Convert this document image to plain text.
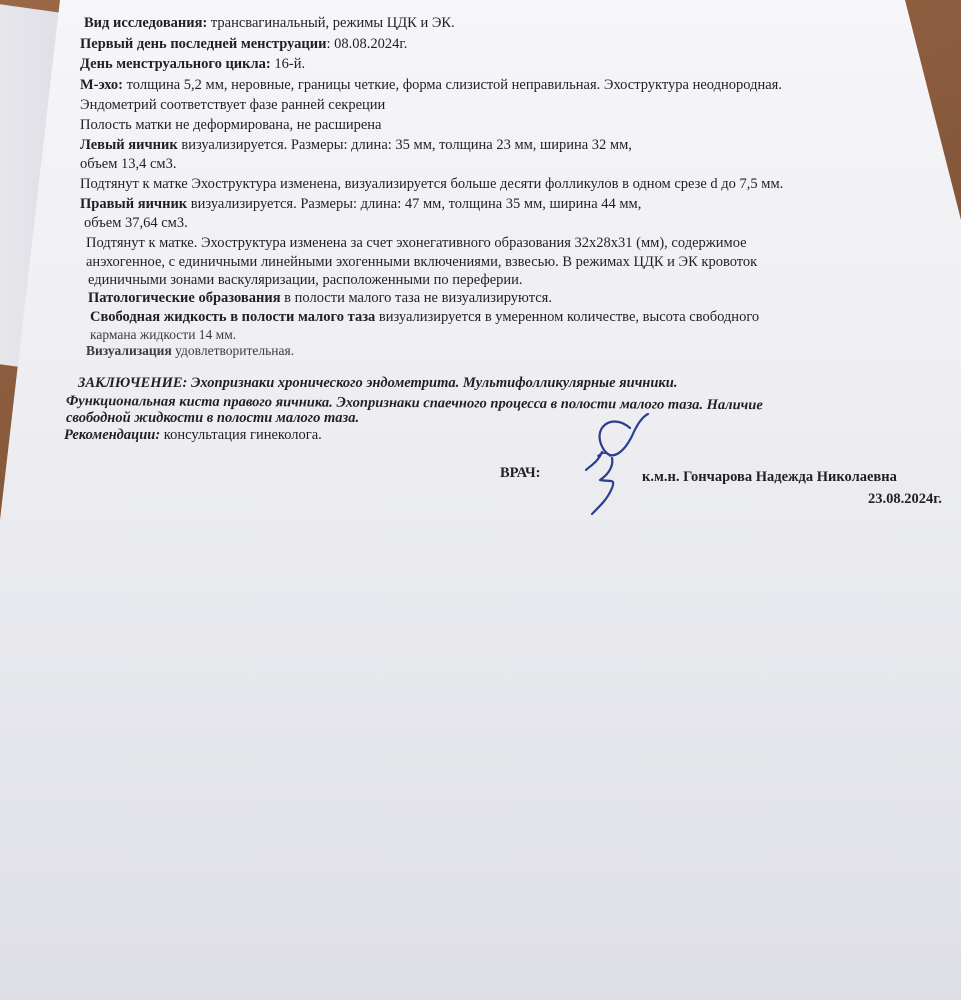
Вид исследования: трансвагинальный, режимы ЦДК и ЭК.
Первый день последней менструации: 08.08.2024г.
День менструального цикла: 16-й.
М-эхо: толщина 5,2 мм, неровные, границы четкие, форма слизистой неправильная. Эхоструктура неоднородная.
Эндометрий соответствует фазе ранней секреции
Полость матки не деформирована, не расширена
Левый яичник визуализируется. Размеры: длина: 35 мм, толщина 23 мм, ширина 32 мм,
объем 13,4 см3.
Подтянут к матке Эхоструктура изменена, визуализируется больше десяти фолликулов в одном срезе d до 7,5 мм.
Правый яичник визуализируется. Размеры: длина: 47 мм, толщина 35 мм, ширина 44 мм,
объем 37,64 см3.
Подтянут к матке. Эхоструктура изменена за счет эхонегативного образования 32х28х31 (мм), содержимое
анэхогенное, с единичными линейными эхогенными включениями, взвесью. В режимах ЦДК и ЭК кровоток
единичными зонами васкуляризации, расположенными по переферии.
Патологические образования в полости малого таза не визуализируются.
Свободная жидкость в полости малого таза визуализируется в умеренном количестве, высота свободного
кармана жидкости 14 мм.
Визуализация удовлетворительная.
ЗАКЛЮЧЕНИЕ: Эхопризнаки хронического эндометрита. Мультифолликулярные яичники.
Функциональная киста правого яичника. Эхопризнаки спаечного процесса в полости малого таза. Наличие
свободной жидкости в полости малого таза.
Рекомендации: консультация гинеколога.
ВРАЧ:	к.м.н. Гончарова Надежда Николаевна
23.08.2024г.
